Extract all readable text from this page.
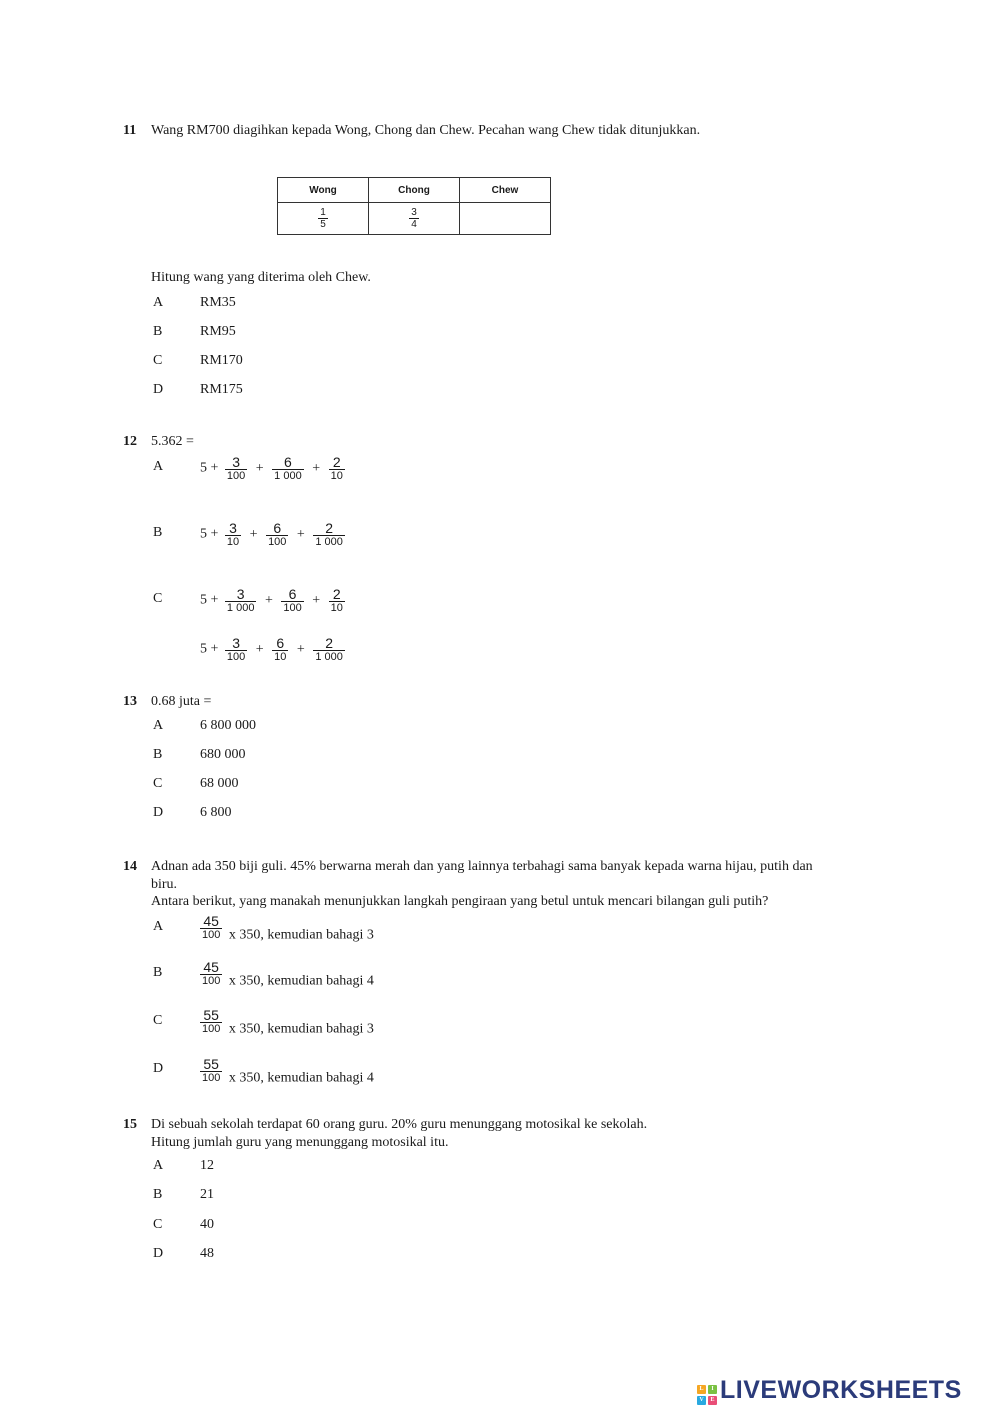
11 Wang RM700 diagihkan kepada Wong, Chong dan Chew. Pecahan wang Chew tidak ditunjukkan.
Wong	Chong	Chew

$\frac{1}{5}$	$\frac{3}{4}$

Hitung wang yang diterima oleh Chew.
A	RM35
B	RM95
C	RM170
D	RM175
12 5.362 =
A	$5 + \frac{3}{100} + \frac{6}{1 000} + \frac{2}{10}$
B	$5 + \frac{3}{10} + \frac{6}{100} + \frac{2}{1 000}$
C	$5 + \frac{3}{1 000} + \frac{6}{100} + \frac{2}{10}$
$5 + \frac{3}{100} + \frac{6}{10} + \frac{2}{1 000}$
13 0.68 juta =
A	6 800 000
B	680 000
C	68 000
D	6 800
14 Adnan ada 350 biji guli. 45% berwarna merah dan yang lainnya terbahagi sama banyak kepada warna hijau, putih dan
biru.
Antara berikut, yang manakah menunjukkan langkah pengiraan yang betul untuk mencari bilangan guli putih?
A	$\frac{45}{100}$ x 350, kemudian bahagi 3
B	$\frac{45}{100}$ x 350, kemudian bahagi 4
C	$\frac{55}{100}$ x 350, kemudian bahagi 3
D	$\frac{55}{100}$ x 350, kemudian bahagi 4
15 Di sebuah sekolah terdapat 60 orang guru. 20% guru menunggang motosikal ke sekolah.
Hitung jumlah guru yang menunggang motosikal itu.
A	12
B	21
C	40
D	48
L	I
V	E LIVEWORKSHEETS
